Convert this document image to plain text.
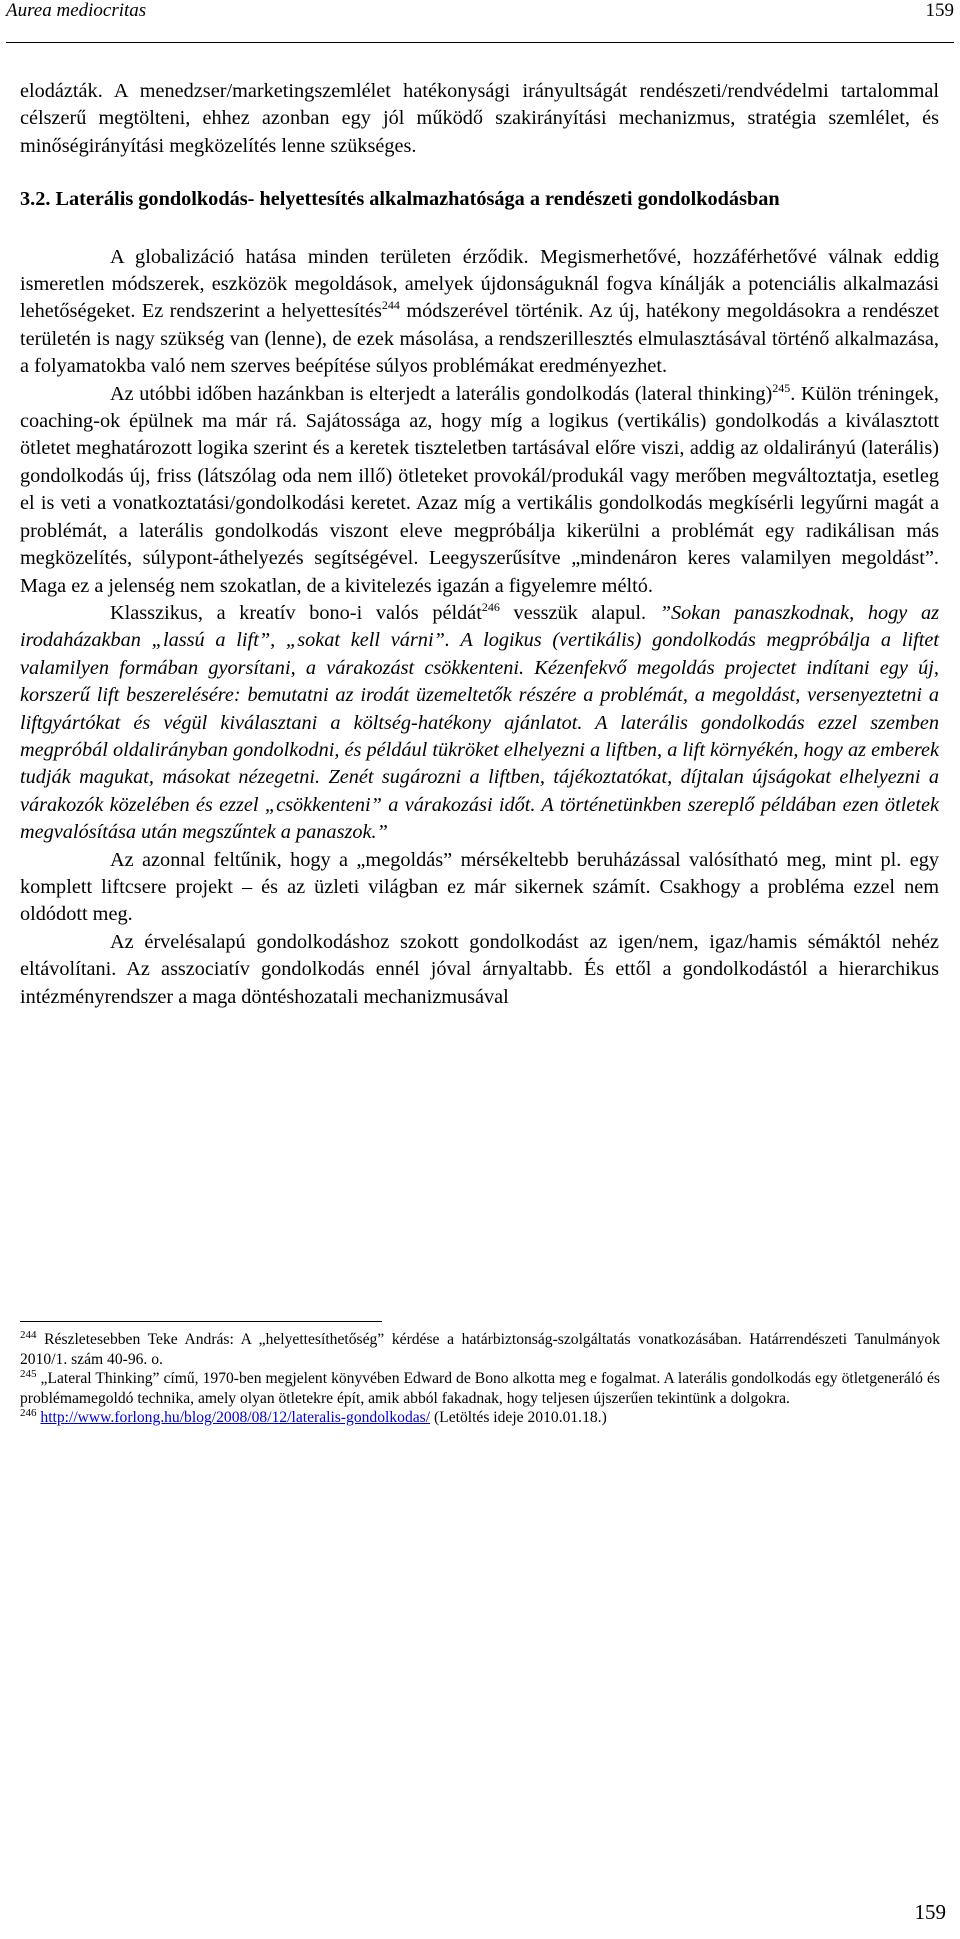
Aurea mediocritas	159

elodázták. A menedzser/marketingszemlélet hatékonysági irányultságát rendészeti/rendvédelmi tartalommal célszerű megtölteni, ehhez azonban egy jól működő szakirányítási mechanizmus, stratégia szemlélet, és minőségirányítási megközelítés lenne szükséges.

3.2. Laterális gondolkodás- helyettesítés alkalmazhatósága a rendészeti gondolkodásban

A globalizáció hatása minden területen érződik. Megismerhetővé, hozzáférhetővé válnak eddig ismeretlen módszerek, eszközök megoldások, amelyek újdonságuknál fogva kínálják a potenciális alkalmazási lehetőségeket. Ez rendszerint a helyettesítés$^{244}$ módszerével történik. Az új, hatékony megoldásokra a rendészet területén is nagy szükség van (lenne), de ezek másolása, a rendszerillesztés elmulasztásával történő alkalmazása, a folyamatokba való nem szerves beépítése súlyos problémákat eredményezhet.

Az utóbbi időben hazánkban is elterjedt a laterális gondolkodás (lateral thinking)$^{245}$. Külön tréningek, coaching-ok épülnek ma már rá. Sajátossága az, hogy míg a logikus (vertikális) gondolkodás a kiválasztott ötletet meghatározott logika szerint és a keretek tiszteletben tartásával előre viszi, addig az oldalirányú (laterális) gondolkodás új, friss (látszólag oda nem illő) ötleteket provokál/produkál vagy merőben megváltoztatja, esetleg el is veti a vonatkoztatási/gondolkodási keretet. Azaz míg a vertikális gondolkodás megkísérli legyűrni magát a problémát, a laterális gondolkodás viszont eleve megpróbálja kikerülni a problémát egy radikálisan más megközelítés, súlypont-áthelyezés segítségével. Leegyszerűsítve „mindenáron keres valamilyen megoldást”. Maga ez a jelenség nem szokatlan, de a kivitelezés igazán a figyelemre méltó.

Klasszikus, a kreatív bono-i valós példát$^{246}$ vesszük alapul. ”Sokan panaszkodnak, hogy az irodaházakban „lassú a lift”, „sokat kell várni”. A logikus (vertikális) gondolkodás megpróbálja a liftet valamilyen formában gyorsítani, a várakozást csökkenteni. Kézenfekvő megoldás projectet indítani egy új, korszerű lift beszerelésére: bemutatni az irodát üzemeltetők részére a problémát, a megoldást, versenyeztetni a liftgyártókat és végül kiválasztani a költség-hatékony ajánlatot. A laterális gondolkodás ezzel szemben megpróbál oldalirányban gondolkodni, és például tükröket elhelyezni a liftben, a lift környékén, hogy az emberek tudják magukat, másokat nézegetni. Zenét sugározni a liftben, tájékoztatókat, díjtalan újságokat elhelyezni a várakozók közelében és ezzel „csökkenteni” a várakozási időt. A történetünkben szereplő példában ezen ötletek megvalósítása után megszűntek a panaszok.”

Az azonnal feltűnik, hogy a „megoldás” mérsékeltebb beruházással valósítható meg, mint pl. egy komplett liftcsere projekt – és az üzleti világban ez már sikernek számít. Csakhogy a probléma ezzel nem oldódott meg.

Az érvelésalapú gondolkodáshoz szokott gondolkodást az igen/nem, igaz/hamis sémáktól nehéz eltávolítani. Az asszociatív gondolkodás ennél jóval árnyaltabb. És ettől a gondolkodástól a hierarchikus intézményrendszer a maga döntéshozatali mechanizmusával

$^{244}$ Részletesebben Teke András: A „helyettesíthetőség” kérdése a határbiztonság-szolgáltatás vonatkozásában. Határrendészeti Tanulmányok 2010/1. szám 40-96. o.

$^{245}$ „Lateral Thinking” című, 1970-ben megjelent könyvében Edward de Bono alkotta meg e fogalmat. A laterális gondolkodás egy ötletgeneráló és problémamegoldó technika, amely olyan ötletekre épít, amik abból fakadnak, hogy teljesen újszerűen tekintünk a dolgokra.

$^{246}$ http://www.forlong.hu/blog/2008/08/12/lateralis-gondolkodas/ (Letöltés ideje 2010.01.18.)

159
